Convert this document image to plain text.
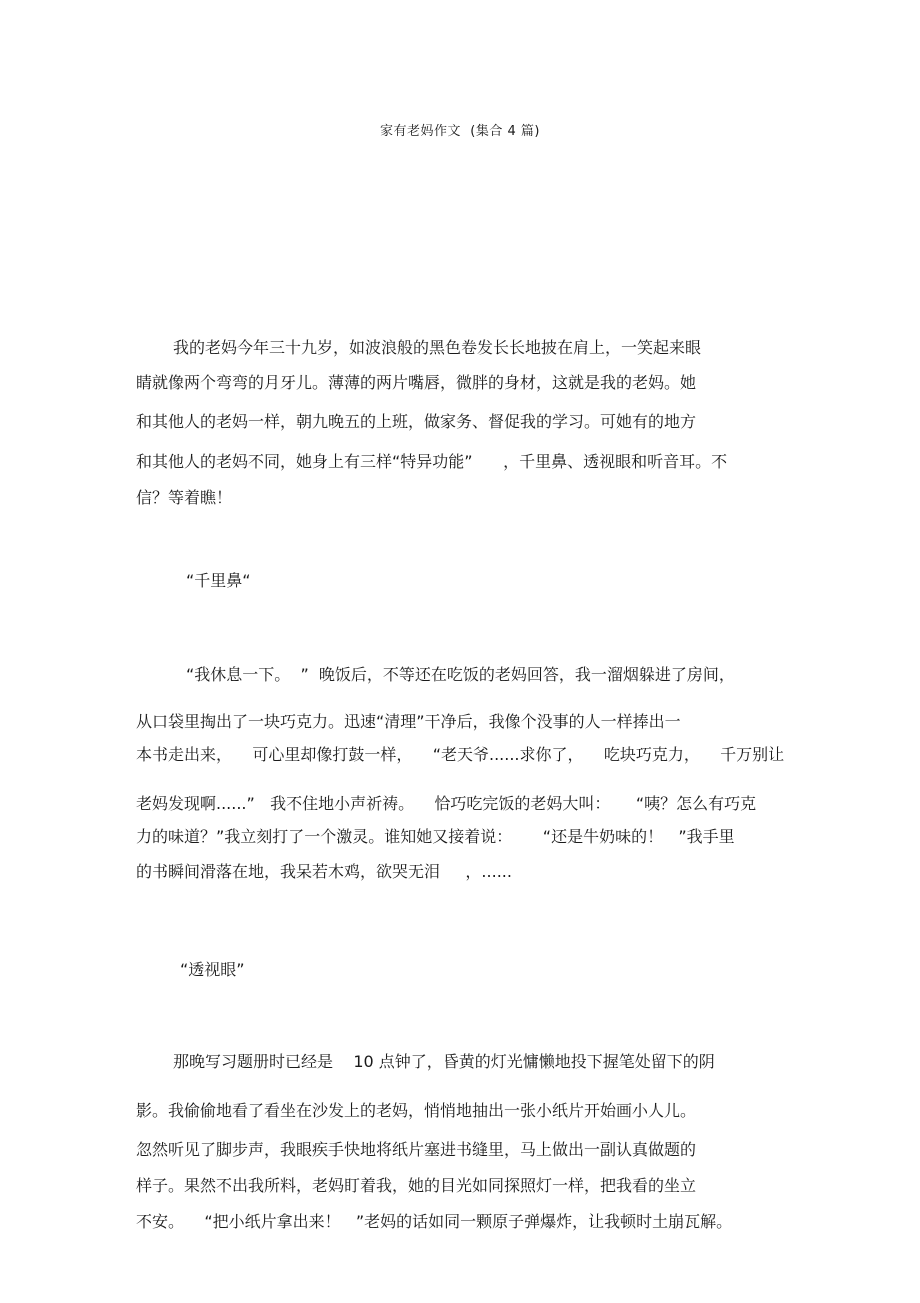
家有老妈作文  (集合 4 篇)
我的老妈今年三十九岁，如波浪般的黑色卷发长长地披在肩上，一笑起来眼
睛就像两个弯弯的月牙儿。薄薄的两片嘴唇，微胖的身材，这就是我的老妈。她
和其他人的老妈一样，朝九晚五的上班，做家务、督促我的学习。可她有的地方
和其他人的老妈不同，她身上有三样“特异功能”      ，千里鼻、透视眼和听音耳。不
信？等着瞧！
“千里鼻“
“我休息一下。  ”  晚饭后，不等还在吃饭的老妈回答，我一溜烟躲进了房间，
从口袋里掏出了一块巧克力。迅速“清理”干净后，我像个没事的人一样捧出一
本书走出来，    可心里却像打鼓一样，    “老天爷......求你了，    吃块巧克力，    千万别让
老妈发现啊......”   我不住地小声祈祷。    恰巧吃完饭的老妈大叫：     “咦？怎么有巧克
力的味道？”我立刻打了一个激灵。谁知她又接着说：      “还是牛奶味的！   ”我手里
的书瞬间滑落在地，我呆若木鸡，欲哭无泪     ，......
“透视眼”
那晚写习题册时已经是    10 点钟了，昏黄的灯光慵懒地投下握笔处留下的阴
影。我偷偷地看了看坐在沙发上的老妈，悄悄地抽出一张小纸片开始画小人儿。
忽然听见了脚步声，我眼疾手快地将纸片塞进书缝里，马上做出一副认真做题的
样子。果然不出我所料，老妈盯着我，她的目光如同探照灯一样，把我看的坐立
不安。    “把小纸片拿出来！   ”老妈的话如同一颗原子弹爆炸，让我顿时土崩瓦解。
